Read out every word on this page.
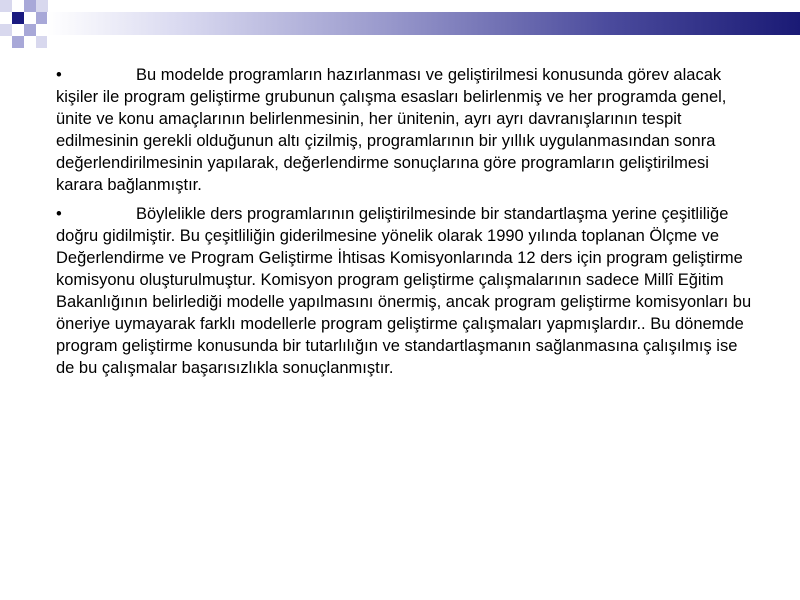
•	Bu modelde programların hazırlanması ve geliştirilmesi konusunda görev alacak kişiler ile program geliştirme grubunun çalışma esasları belirlenmiş ve her programda genel, ünite ve konu amaçlarının belirlenmesinin, her ünitenin, ayrı ayrı davranışlarının tespit edilmesinin gerekli olduğunun altı çizilmiş, programlarının bir yıllık uygulanmasından sonra değerlendirilmesinin yapılarak, değerlendirme sonuçlarına göre programların geliştirilmesi karara bağlanmıştır.

•	Böylelikle ders programlarının geliştirilmesinde bir standartlaşma yerine çeşitliliğe doğru gidilmiştir. Bu çeşitliliğin giderilmesine yönelik olarak 1990 yılında toplanan Ölçme ve Değerlendirme ve Program Geliştirme İhtisas Komisyonlarında 12 ders için program geliştirme komisyonu oluşturulmuştur. Komisyon program geliştirme çalışmalarının sadece Millî Eğitim Bakanlığının belirlediği modelle yapılmasını önermiş, ancak program geliştirme komisyonları bu öneriye uymayarak farklı modellerle program geliştirme çalışmaları yapmışlardır.. Bu dönemde program geliştirme konusunda bir tutarlılığın ve standartlaşmanın sağlanmasına çalışılmış ise de bu çalışmalar başarısızlıkla sonuçlanmıştır.
